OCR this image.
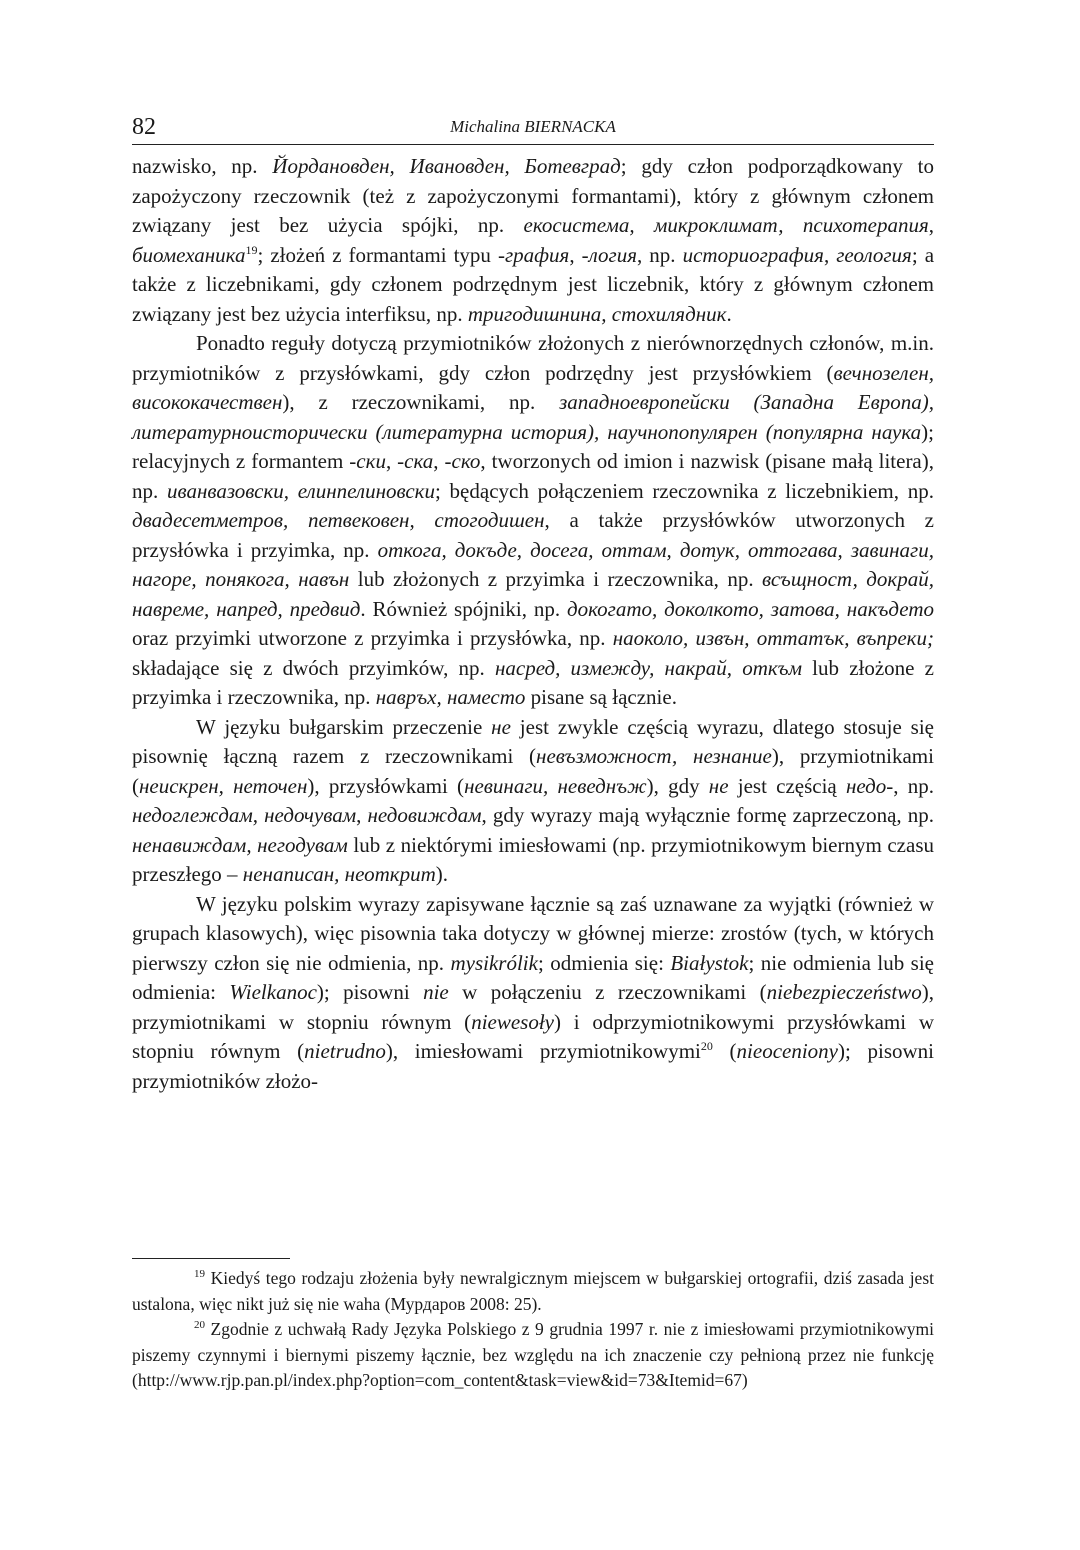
82	Michalina BIERNACKA

nazwisko, np. Йордановден, Ивановден, Ботевград; gdy człon podporządkowany to zapożyczony rzeczownik (też z zapożyczonymi formantami), który z głównym członem związany jest bez użycia spójki, np. екосистема, микроклимат, психотерапия, биомеханика$^{19}$; złożeń z formantami typu -графия, -логия, np. историография, геология; a także z liczebnikami, gdy członem podrzędnym jest liczebnik, który z głównym członem związany jest bez użycia interfiksu, np. тригодишнина, стохилядник.

Ponadto reguły dotyczą przymiotników złożonych z nierównorzędnych członów, m.in. przymiotników z przysłówkami, gdy człon podrzędny jest przysłówkiem (вечнозелен, висококачествен), z rzeczownikami, np. западноевропейски (Западна Европа), литературноисторически (литературна история), научнопопулярен (популярна наука); relacyjnych z formantem -ски, -ска, -ско, tworzonych od imion i nazwisk (pisane małą litera), np. иванвазовски, елинпелиновски; będących połączeniem rzeczownika z liczebnikiem, np. двадесетметров, петвековен, стогодишен, a także przysłówków utworzonych z przysłówka i przyimka, np. откога, докъде, досега, оттам, дотук, оттогава, завинаги, нагоре, понякога, навън lub złożonych z przyimka i rzeczownika, np. всъщност, докрай, навреме, напред, предвид. Również spójniki, np. докогато, доколкото, затова, накъдето oraz przyimki utworzone z przyimka i przysłówka, np. наоколо, извън, оттатък, въпреки; składające się z dwóch przyimków, np. насред, измежду, накрай, откъм lub złożone z przyimka i rzeczownika, np. навръх, наместо pisane są łącznie.

W języku bułgarskim przeczenie не jest zwykle częścią wyrazu, dlatego stosuje się pisownię łączną razem z rzeczownikami (невъзможност, незнание), przymiotnikami (неискрен, неточен), przysłówkami (невинаги, неведнъж), gdy не jest częścią недо-, np. недоглеждам, недочувам, недовиждам, gdy wyrazy mają wyłącznie formę zaprzeczoną, np. ненавиждам, негодувам lub z niektórymi imiesłowami (np. przymiotnikowym biernym czasu przeszłego – ненаписан, неоткрит).

W języku polskim wyrazy zapisywane łącznie są zaś uznawane za wyjątki (również w grupach klasowych), więc pisownia taka dotyczy w głównej mierze: zrostów (tych, w których pierwszy człon się nie odmienia, np. mysikrólik; odmienia się: Białystok; nie odmienia lub się odmienia: Wielkanoc); pisowni nie w połączeniu z rzeczownikami (niebezpieczeństwo), przymiotnikami w stopniu równym (niewesoły) i odprzymiotnikowymi przysłówkami w stopniu równym (nietrudno), imiesłowami przymiotnikowymi$^{20}$ (nieoceniony); pisowni przymiotników złożo-

$^{19}$ Kiedyś tego rodzaju złożenia były newralgicznym miejscem w bułgarskiej ortografii, dziś zasada jest ustalona, więc nikt już się nie waha (Мурдаров 2008: 25).

$^{20}$ Zgodnie z uchwałą Rady Języka Polskiego z 9 grudnia 1997 r. nie z imiesłowami przymiotnikowymi piszemy czynnymi i biernymi piszemy łącznie, bez względu na ich znaczenie czy pełnioną przez nie funkcję (http://www.rjp.pan.pl/index.php?option=com_content&task=view&id=73&Itemid=67)
